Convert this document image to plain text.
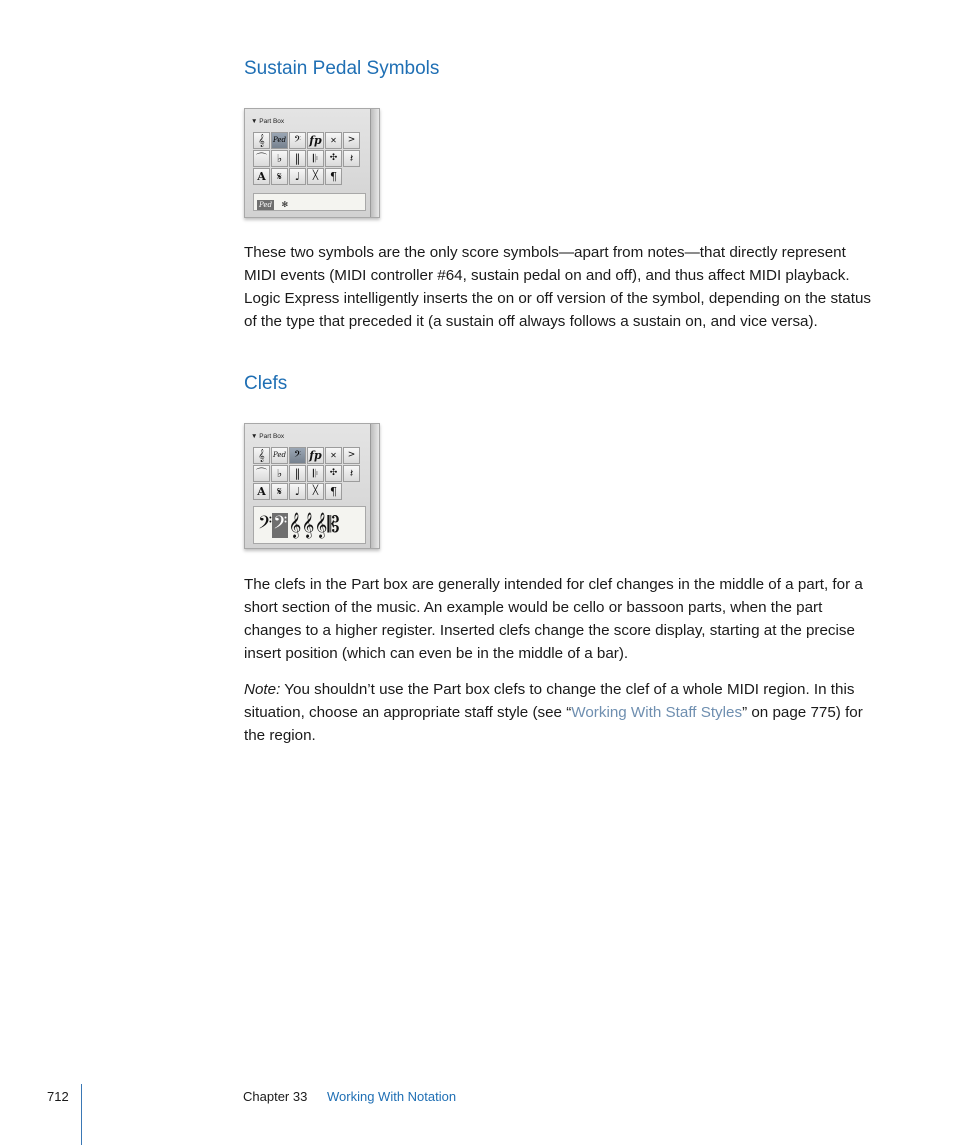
Sustain Pedal Symbols
▼ Part Box
𝄞	Ped 𝄢 fp	✕	>
⌒ ♭	‖	𝄆	✣	𝄽
A	𝄋	♩	╳	¶
Ped ✻

These two symbols are the only score symbols—apart from notes—that directly represent MIDI events (MIDI controller #64, sustain pedal on and off), and thus affect MIDI playback. Logic Express intelligently inserts the on or off version of the symbol, depending on the status of the type that preceded it (a sustain off always follows a sustain on, and vice versa).

Clefs
▼ Part Box
𝄞	Ped 𝄢 fp	✕	>
⌒ ♭	‖	𝄆	✣	𝄽
A	𝄋	♩	╳	¶
𝄢 𝄢 𝄞 𝄞 𝄞 𝄡

The clefs in the Part box are generally intended for clef changes in the middle of a part, for a short section of the music. An example would be cello or bassoon parts, when the part changes to a higher register. Inserted clefs change the score display, starting at the precise insert position (which can even be in the middle of a bar).

Note: You shouldn’t use the Part box clefs to change the clef of a whole MIDI region. In this situation, choose an appropriate staff style (see “Working With Staff Styles” on page 775) for the region.

712	Chapter 33 Working With Notation
